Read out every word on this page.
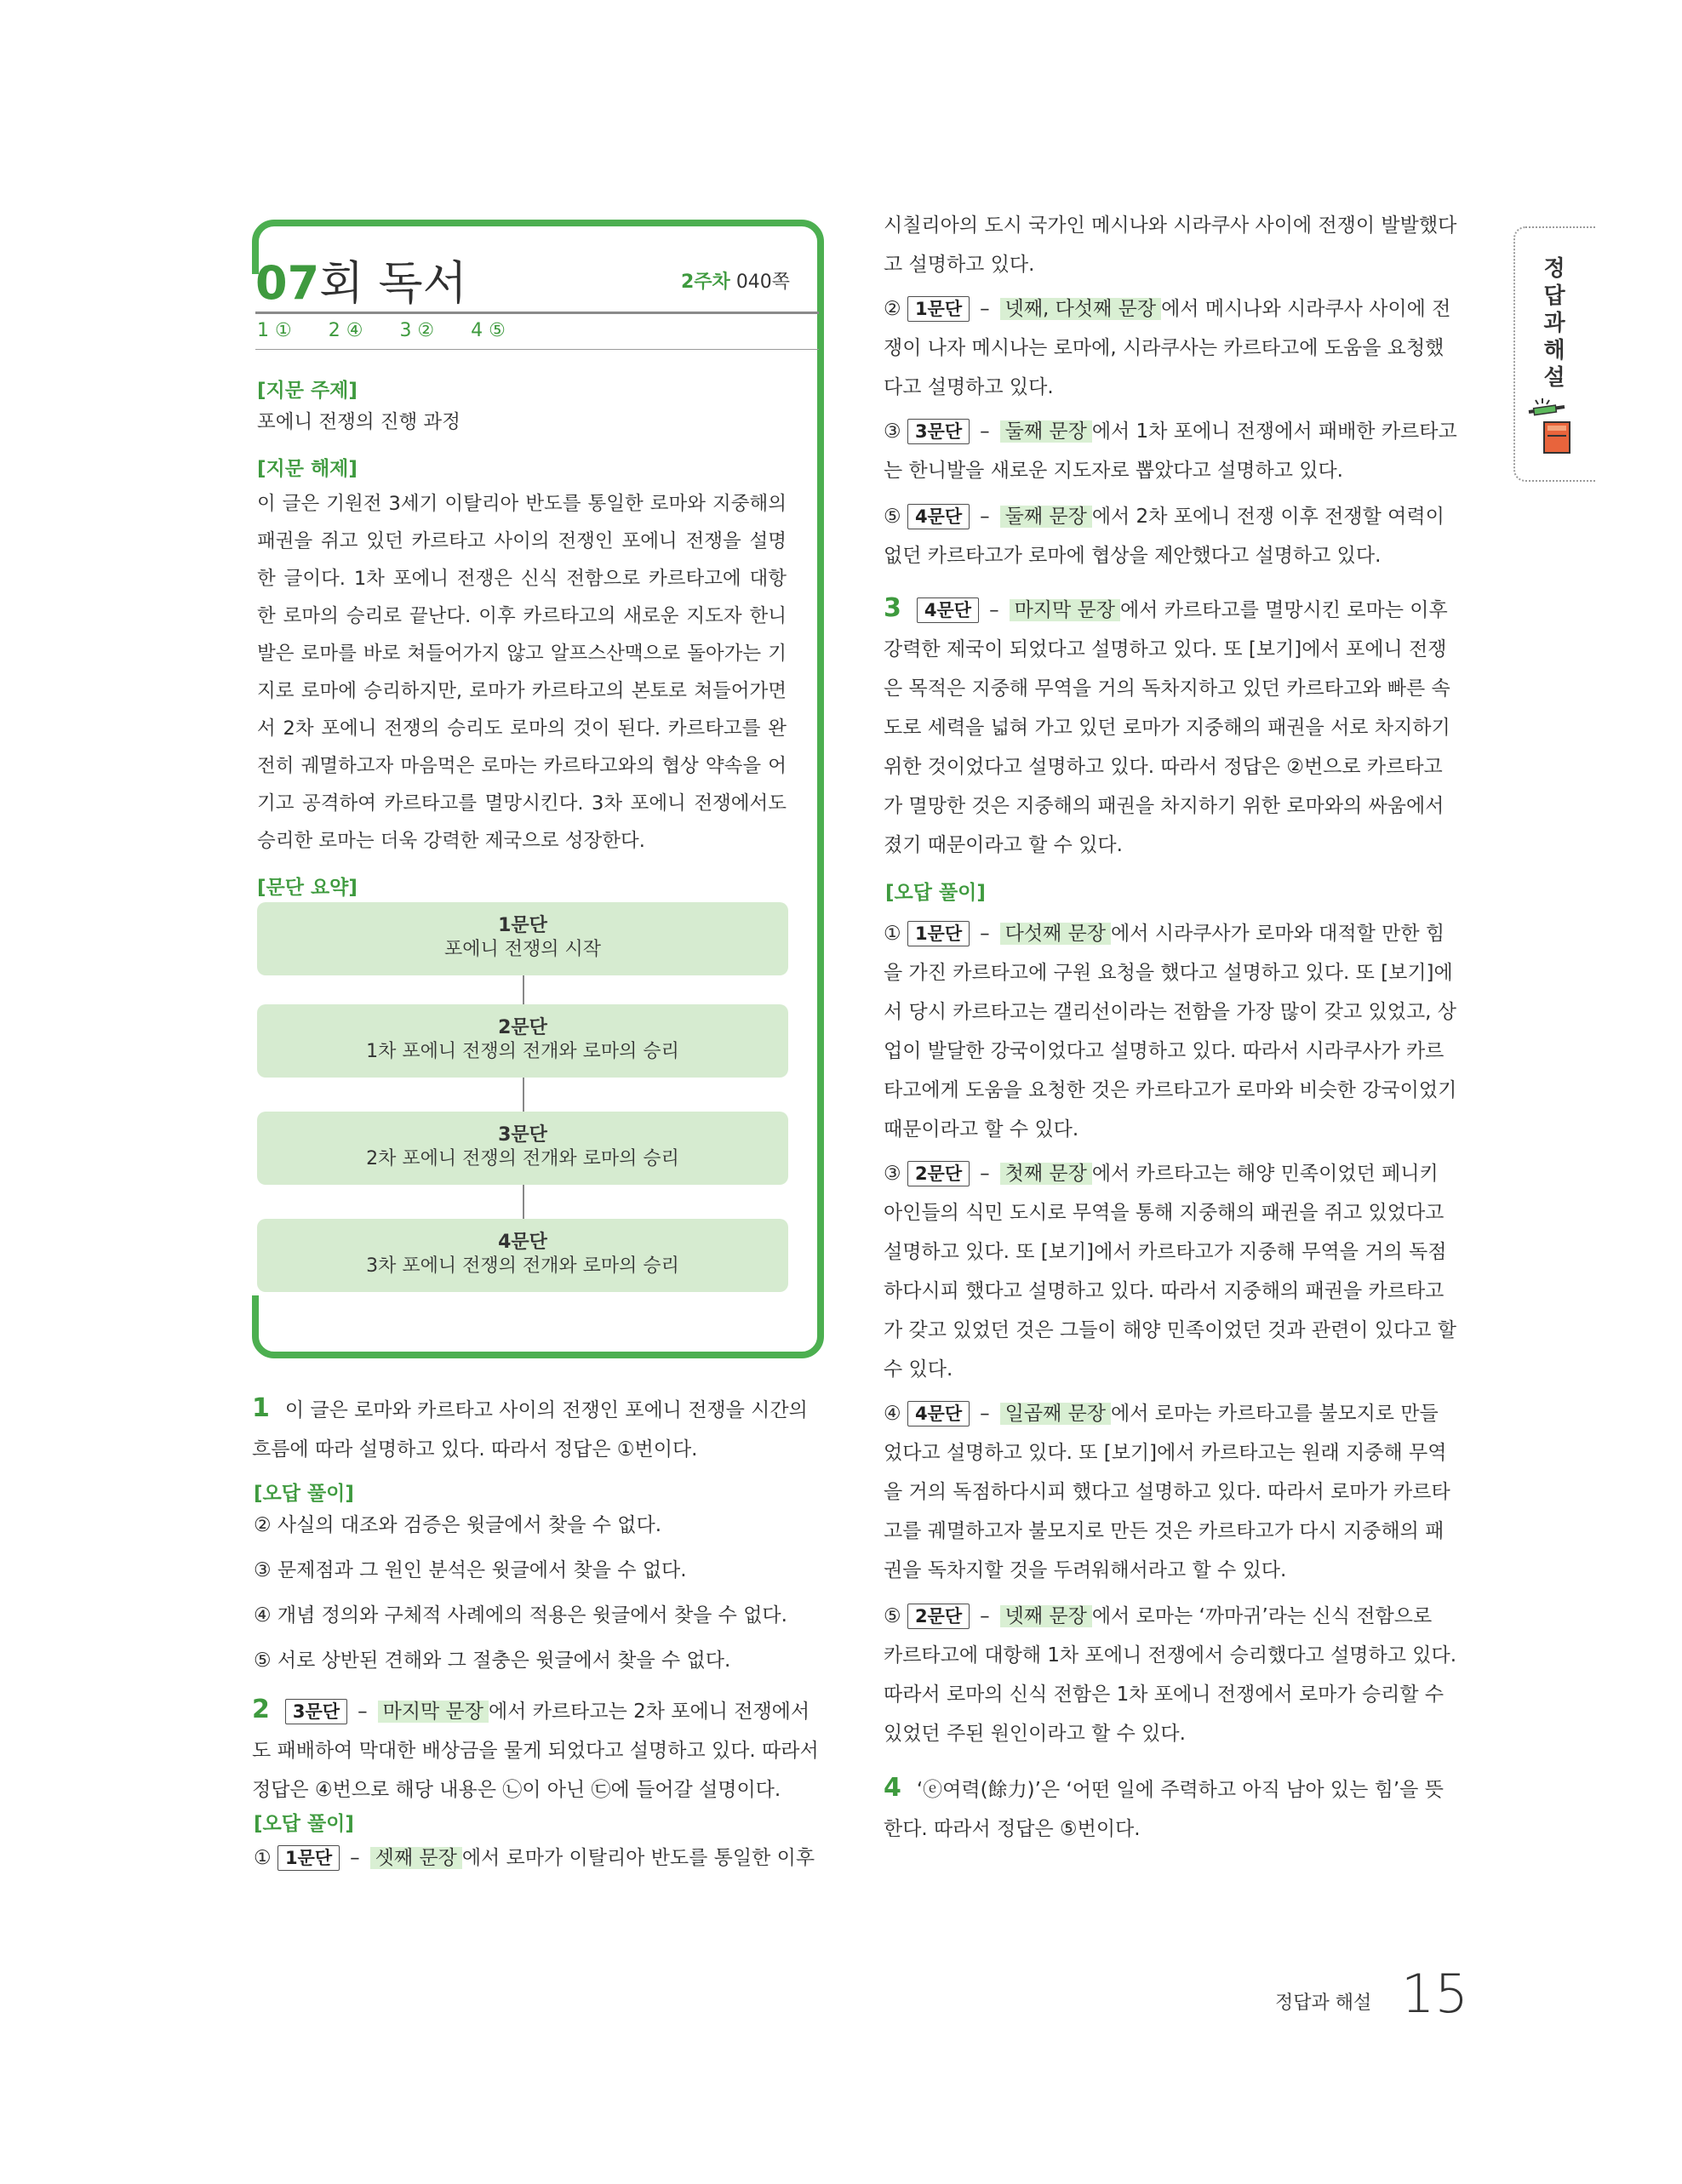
07회 독서	2주차 040쪽
1 ① 2 ④ 3 ② 4 ⑤
[지문 주제]
포에니 전쟁의 진행 과정
[지문 해제]
이 글은 기원전 3세기 이탈리아 반도를 통일한 로마와 지중해의 패권을 쥐고 있던 카르타고 사이의 전쟁인 포에니 전쟁을 설명한 글이다. 1차 포에니 전쟁은 신식 전함으로 카르타고에 대항한 로마의 승리로 끝난다. 이후 카르타고의 새로운 지도자 한니발은 로마를 바로 쳐들어가지 않고 알프스산맥으로 돌아가는 기지로 로마에 승리하지만, 로마가 카르타고의 본토로 쳐들어가면서 2차 포에니 전쟁의 승리도 로마의 것이 된다. 카르타고를 완전히 궤멸하고자 마음먹은 로마는 카르타고와의 협상 약속을 어기고 공격하여 카르타고를 멸망시킨다. 3차 포에니 전쟁에서도 승리한 로마는 더욱 강력한 제국으로 성장한다.
[문단 요약]
1문단
포에니 전쟁의 시작
2문단
1차 포에니 전쟁의 전개와 로마의 승리
3문단
2차 포에니 전쟁의 전개와 로마의 승리
4문단
3차 포에니 전쟁의 전개와 로마의 승리
1 이 글은 로마와 카르타고 사이의 전쟁인 포에니 전쟁을 시간의
흐름에 따라 설명하고 있다. 따라서 정답은 ①번이다.
[오답 풀이]
② 사실의 대조와 검증은 윗글에서 찾을 수 없다.
③ 문제점과 그 원인 분석은 윗글에서 찾을 수 없다.
④ 개념 정의와 구체적 사례에의 적용은 윗글에서 찾을 수 없다.
⑤ 서로 상반된 견해와 그 절충은 윗글에서 찾을 수 없다.
2 3문단 – 마지막 문장 에서 카르타고는 2차 포에니 전쟁에서
도 패배하여 막대한 배상금을 물게 되었다고 설명하고 있다. 따라서
정답은 ④번으로 해당 내용은 ㉡이 아닌 ㉢에 들어갈 설명이다.
[오답 풀이]
① 1문단 – 셋째 문장 에서 로마가 이탈리아 반도를 통일한 이후
시칠리아의 도시 국가인 메시나와 시라쿠사 사이에 전쟁이 발발했다
고 설명하고 있다.
② 1문단 – 넷째, 다섯째 문장 에서 메시나와 시라쿠사 사이에 전
쟁이 나자 메시나는 로마에, 시라쿠사는 카르타고에 도움을 요청했
다고 설명하고 있다.
③ 3문단 – 둘째 문장 에서 1차 포에니 전쟁에서 패배한 카르타고
는 한니발을 새로운 지도자로 뽑았다고 설명하고 있다.
⑤ 4문단 – 둘째 문장 에서 2차 포에니 전쟁 이후 전쟁할 여력이
없던 카르타고가 로마에 협상을 제안했다고 설명하고 있다.
3 4문단 – 마지막 문장 에서 카르타고를 멸망시킨 로마는 이후
강력한 제국이 되었다고 설명하고 있다. 또 [보기]에서 포에니 전쟁
은 목적은 지중해 무역을 거의 독차지하고 있던 카르타고와 빠른 속
도로 세력을 넓혀 가고 있던 로마가 지중해의 패권을 서로 차지하기
위한 것이었다고 설명하고 있다. 따라서 정답은 ②번으로 카르타고
가 멸망한 것은 지중해의 패권을 차지하기 위한 로마와의 싸움에서
졌기 때문이라고 할 수 있다.
[오답 풀이]
① 1문단 – 다섯째 문장 에서 시라쿠사가 로마와 대적할 만한 힘
을 가진 카르타고에 구원 요청을 했다고 설명하고 있다. 또 [보기]에
서 당시 카르타고는 갤리선이라는 전함을 가장 많이 갖고 있었고, 상
업이 발달한 강국이었다고 설명하고 있다. 따라서 시라쿠사가 카르
타고에게 도움을 요청한 것은 카르타고가 로마와 비슷한 강국이었기
때문이라고 할 수 있다.
③ 2문단 – 첫째 문장 에서 카르타고는 해양 민족이었던 페니키
아인들의 식민 도시로 무역을 통해 지중해의 패권을 쥐고 있었다고
설명하고 있다. 또 [보기]에서 카르타고가 지중해 무역을 거의 독점
하다시피 했다고 설명하고 있다. 따라서 지중해의 패권을 카르타고
가 갖고 있었던 것은 그들이 해양 민족이었던 것과 관련이 있다고 할
수 있다.
④ 4문단 – 일곱째 문장 에서 로마는 카르타고를 불모지로 만들
었다고 설명하고 있다. 또 [보기]에서 카르타고는 원래 지중해 무역
을 거의 독점하다시피 했다고 설명하고 있다. 따라서 로마가 카르타
고를 궤멸하고자 불모지로 만든 것은 카르타고가 다시 지중해의 패
권을 독차지할 것을 두려워해서라고 할 수 있다.
⑤ 2문단 – 넷째 문장 에서 로마는 ‘까마귀’라는 신식 전함으로
카르타고에 대항해 1차 포에니 전쟁에서 승리했다고 설명하고 있다.
따라서 로마의 신식 전함은 1차 포에니 전쟁에서 로마가 승리할 수
있었던 주된 원인이라고 할 수 있다.
4 ‘ⓔ여력(餘力)’은 ‘어떤 일에 주력하고 아직 남아 있는 힘’을 뜻
한다. 따라서 정답은 ⑤번이다.
정답과해설
정답과 해설 15
